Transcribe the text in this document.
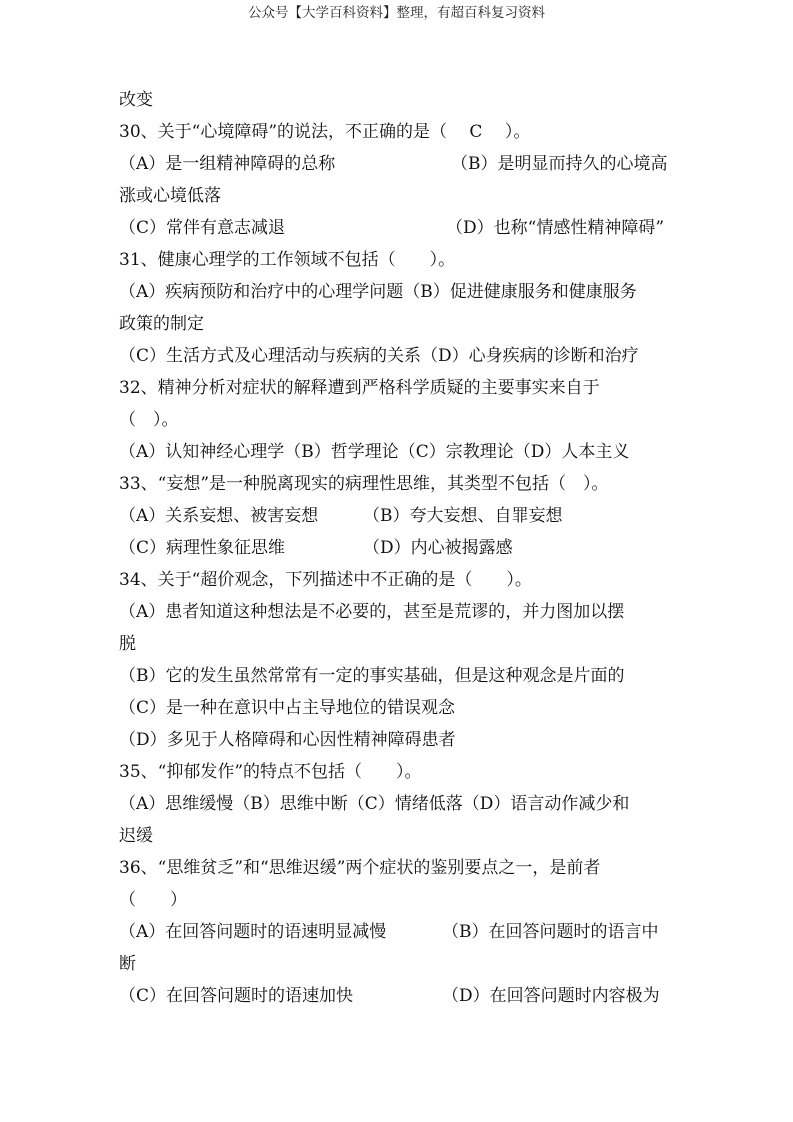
公众号【大学百科资料】整理，有超百科复习资料
改变
30、关于“心境障碍”的说法，不正确的是（　 C 　）。
（A）是一组精神障碍的总称	（B）是明显而持久的心境高
涨或心境低落
（C）常伴有意志减退	（D）也称“情感性精神障碍”
31、健康心理学的工作领域不包括（　　）。
（A）疾病预防和治疗中的心理学问题（B）促进健康服务和健康服务
政策的制定
（C）生活方式及心理活动与疾病的关系（D）心身疾病的诊断和治疗
32、精神分析对症状的解释遭到严格科学质疑的主要事实来自于
（　）。
（A）认知神经心理学（B）哲学理论（C）宗教理论（D）人本主义
33、“妄想”是一种脱离现实的病理性思维，其类型不包括（　）。
（A）关系妄想、被害妄想	（B）夸大妄想、自罪妄想
（C）病理性象征思维	（D）内心被揭露感
34、关于“超价观念，下列描述中不正确的是（　　）。
（A）患者知道这种想法是不必要的，甚至是荒谬的，并力图加以摆
脱
（B）它的发生虽然常常有一定的事实基础，但是这种观念是片面的
（C）是一种在意识中占主导地位的错误观念
（D）多见于人格障碍和心因性精神障碍患者
35、“抑郁发作”的特点不包括（　　）。
（A）思维缓慢（B）思维中断（C）情绪低落（D）语言动作减少和
迟缓
36、“思维贫乏”和“思维迟缓”两个症状的鉴别要点之一，是前者
（　　）
（A）在回答问题时的语速明显减慢	（B）在回答问题时的语言中
断
（C）在回答问题时的语速加快	（D）在回答问题时内容极为
